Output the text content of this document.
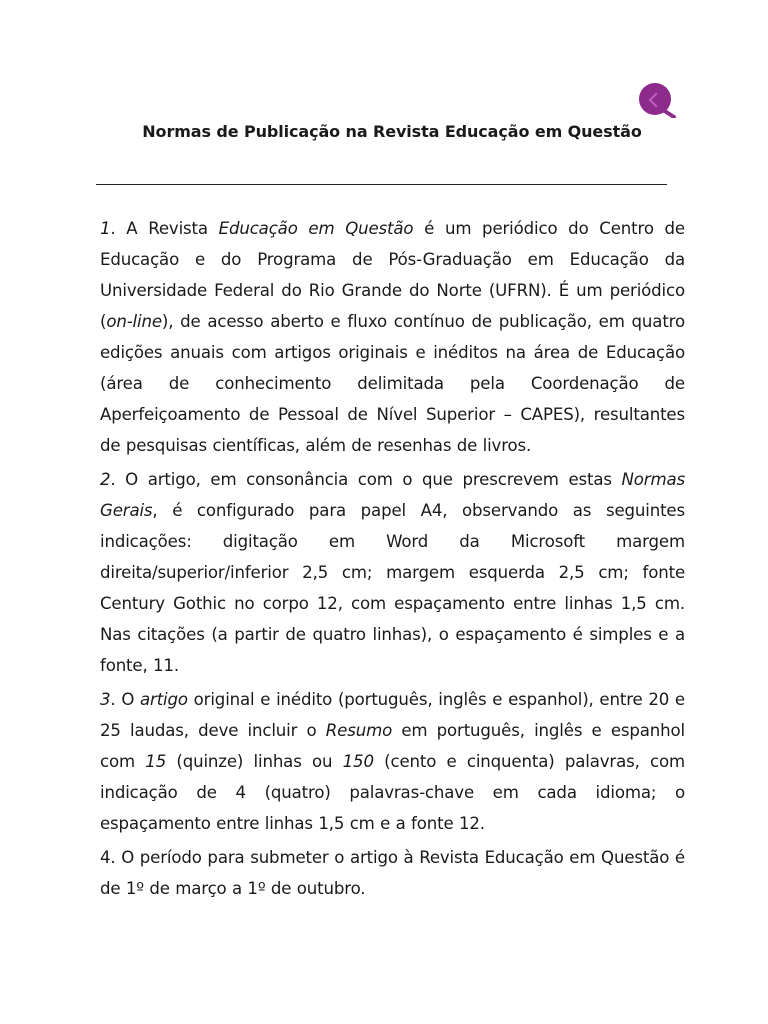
Normas de Publicação na Revista Educação em Questão

1. A Revista Educação em Questão é um periódico do Centro de Educação e do Programa de Pós-Graduação em Educação da Universidade Federal do Rio Grande do Norte (UFRN). É um periódico (on-line), de acesso aberto e fluxo contínuo de publicação, em quatro edições anuais com artigos originais e inéditos na área de Educação (área de conhecimento delimitada pela Coordenação de Aperfeiçoamento de Pessoal de Nível Superior – CAPES), resultantes de pesquisas científicas, além de resenhas de livros.

2. O artigo, em consonância com o que prescrevem estas Normas Gerais, é configurado para papel A4, observando as seguintes indicações: digitação em Word da Microsoft margem direita/superior/inferior 2,5 cm; margem esquerda 2,5 cm; fonte Century Gothic no corpo 12, com espaçamento entre linhas 1,5 cm. Nas citações (a partir de quatro linhas), o espaçamento é simples e a fonte, 11.

3. O artigo original e inédito (português, inglês e espanhol), entre 20 e 25 laudas, deve incluir o Resumo em português, inglês e espanhol com 15 (quinze) linhas ou 150 (cento e cinquenta) palavras, com indicação de 4 (quatro) palavras-chave em cada idioma; o espaçamento entre linhas 1,5 cm e a fonte 12.

4. O período para submeter o artigo à Revista Educação em Questão é de 1º de março a 1º de outubro.
